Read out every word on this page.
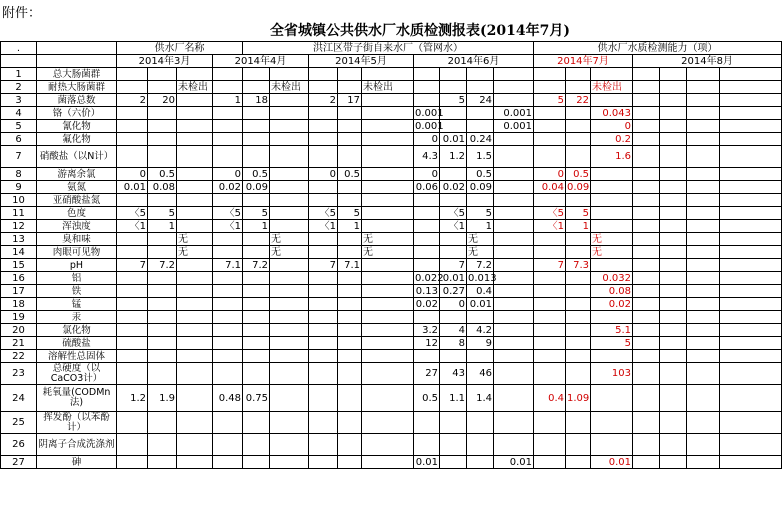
附件：
全省城镇公共供水厂水质检测报表(2014年7月)
.		供水厂名称				洪江区带子街自来水厂（管网水）									供水厂水质检测能力（项）							
		2014年3月			2014年4月			2014年5月			2014年6月				2014年7月			2014年8月	
1	总大肠菌群																						
2	耐热大肠菌群			未检出			未检出			未检出							未检出						
3	菌落总数	2	20		1	18		2	17			5	24		5	22							
4	铬（六价）										0.001			0.001			0.043						
5	氰化物										0.001			0.001			0						
6	氟化物										0	0.01	0.24				0.2						
7	硝酸盐（以N计）										4.3	1.2	1.5				1.6						
8	游离余氯	0	0.5		0	0.5		0	0.5		0		0.5		0	0.5							
9	氨氮	0.01	0.08		0.02	0.09					0.06	0.02	0.09		0.04	0.09							
10	亚硝酸盐氮																						
11	色度	〈5	5		〈5	5		〈5	5			〈5	5		〈5	5							
12	浑浊度	〈1	1		〈1	1		〈1	1			〈1	1		〈1	1							
13	臭和味			无			无			无			无				无						
14	肉眼可见物			无			无			无			无				无						
15	pH	7	7.2		7.1	7.2		7	7.1			7	7.2		7	7.3							
16	铝										0.022	0.01	0.013				0.032						
17	铁										0.13	0.27	0.4				0.08						
18	锰										0.02	0	0.01				0.02						
19	汞																						
20	氯化物										3.2	4	4.2				5.1						
21	硫酸盐										12	8	9				5						
22	溶解性总固体																						
23	总硬度（以CaCO3计）										27	43	46				103						
24	耗氧量(CODMn法)	1.2	1.9		0.48	0.75					0.5	1.1	1.4		0.4	1.09							
25	挥发酚（以苯酚计）																						
26	阴离子合成洗涤剂																						
27	砷										0.01			0.01			0.01						
